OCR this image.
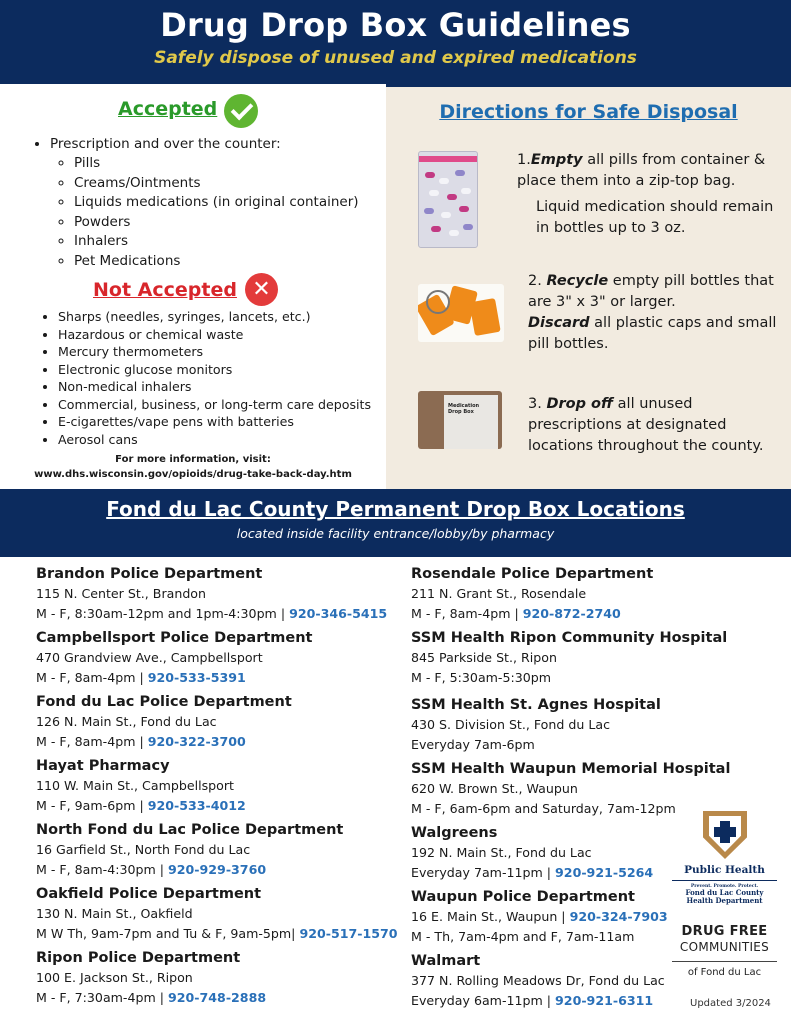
Drug Drop Box Guidelines
Safely dispose of unused and expired medications
Accepted
• Prescription and over the counter:
◦ Pills
◦ Creams/Ointments
◦ Liquids medications (in original container)
◦ Powders
◦ Inhalers
◦ Pet Medications
Not Accepted ✕
• Sharps (needles, syringes, lancets, etc.)
• Hazardous or chemical waste
• Mercury thermometers
• Electronic glucose monitors
• Non-medical inhalers
• Commercial, business, or long-term care deposits
• E-cigarettes/vape pens with batteries
• Aerosol cans
For more information, visit:
www.dhs.wisconsin.gov/opioids/drug-take-back-day.htm
Directions for Safe Disposal
1.Empty all pills from container & place them into a zip-top bag.
Liquid medication should remain in bottles up to 3 oz.
2. Recycle empty pill bottles that are 3" x 3" or larger.
Discard all plastic caps and small pill bottles.
Medication Drop Box	3. Drop off all unused prescriptions at designated locations throughout the county.
Fond du Lac County Permanent Drop Box Locations
located inside facility entrance/lobby/by pharmacy
Brandon Police Department
115 N. Center St., Brandon
M - F, 8:30am-12pm and 1pm-4:30pm | 920-346-5415
Campbellsport Police Department
470 Grandview Ave., Campbellsport
M - F, 8am-4pm | 920-533-5391
Fond du Lac Police Department
126 N. Main St., Fond du Lac
M - F, 8am-4pm | 920-322-3700
Hayat Pharmacy
110 W. Main St., Campbellsport
M - F, 9am-6pm | 920-533-4012
North Fond du Lac Police Department
16 Garfield St., North Fond du Lac
M - F, 8am-4:30pm | 920-929-3760
Oakfield Police Department
130 N. Main St., Oakfield
M W Th, 9am-7pm and Tu & F, 9am-5pm| 920-517-1570
Ripon Police Department
100 E. Jackson St., Ripon
M - F, 7:30am-4pm | 920-748-2888
Rosendale Police Department
211 N. Grant St., Rosendale
M - F, 8am-4pm | 920-872-2740
SSM Health Ripon Community Hospital
845 Parkside St., Ripon
M - F, 5:30am-5:30pm
SSM Health St. Agnes Hospital
430 S. Division St., Fond du Lac
Everyday 7am-6pm
SSM Health Waupun Memorial Hospital
620 W. Brown St., Waupun
M - F, 6am-6pm and Saturday, 7am-12pm
Walgreens
192 N. Main St., Fond du Lac
Everyday 7am-11pm | 920-921-5264
Waupun Police Department
16 E. Main St., Waupun | 920-324-7903
M - Th, 7am-4pm and F, 7am-11am
Walmart
377 N. Rolling Meadows Dr, Fond du Lac
Everyday 6am-11pm | 920-921-6311
Public Health
Prevent. Promote. Protect.
Fond du Lac County Health Department
DRUG FREE
COMMUNITIES
of Fond du Lac
Updated 3/2024
